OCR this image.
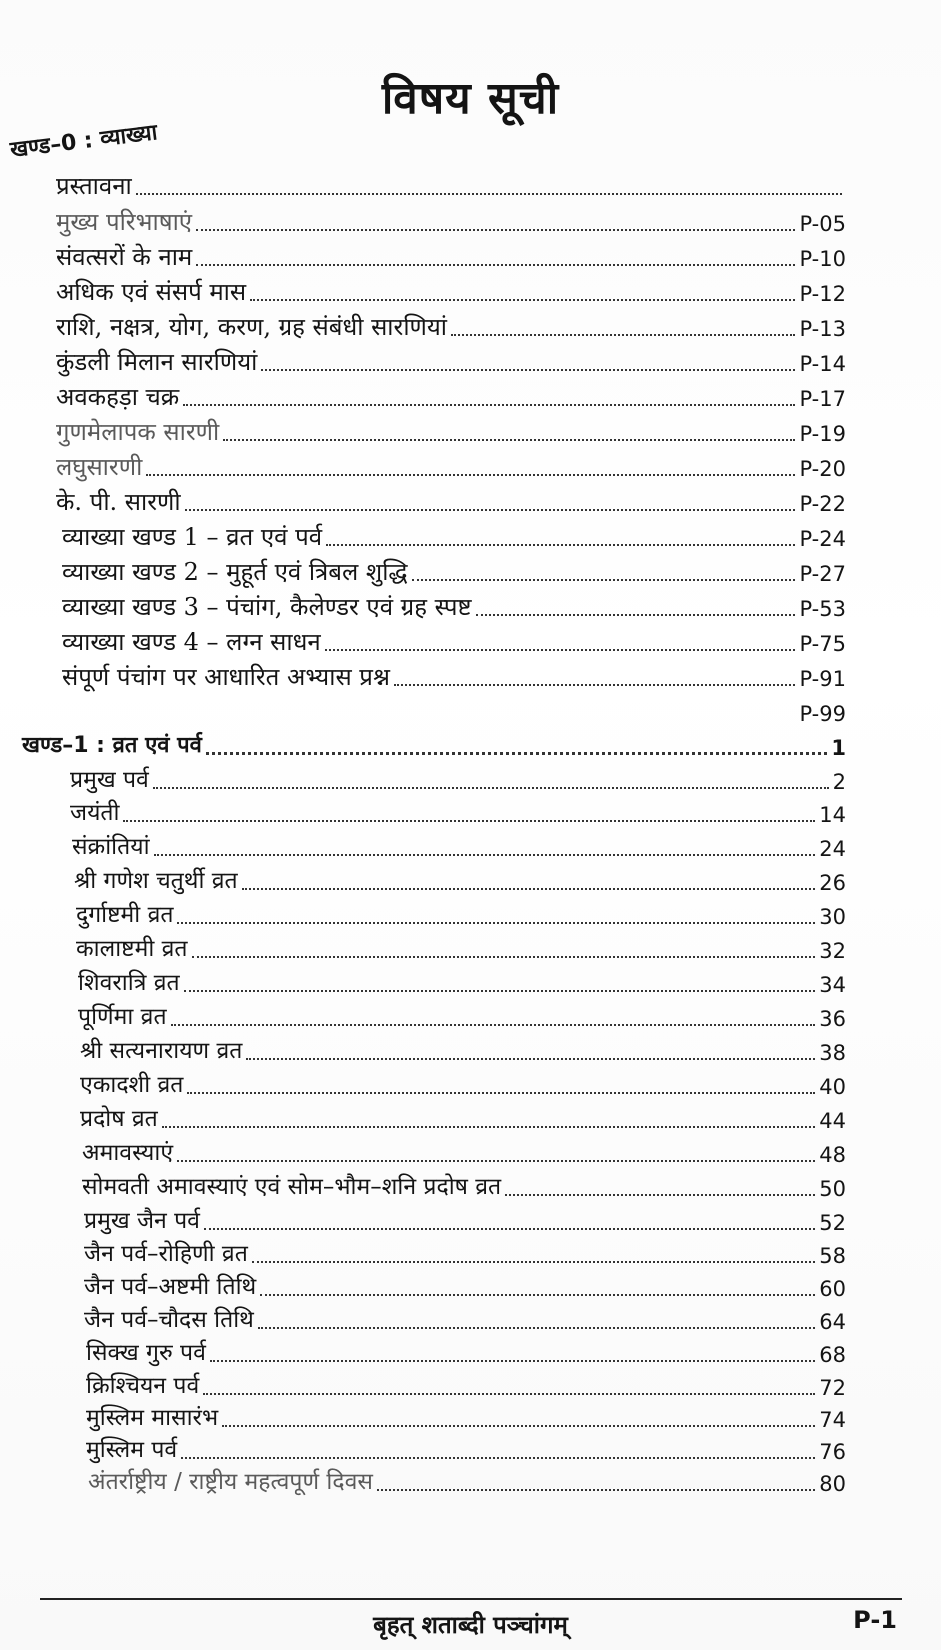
विषय सूची
खण्ड–0 : व्याख्या
प्रस्तावना
मुख्य परिभाषाएं	P-05
संवत्सरों के नाम	P-10
अधिक एवं संसर्प मास	P-12
राशि, नक्षत्र, योग, करण, ग्रह संबंधी सारणियां	P-13
कुंडली मिलान सारणियां	P-14
अवकहड़ा चक्र	P-17
गुणमेलापक सारणी	P-19
लघुसारणी	P-20
के. पी. सारणी	P-22
व्याख्या खण्ड 1 – व्रत एवं पर्व	P-24
व्याख्या खण्ड 2 – मुहूर्त एवं त्रिबल शुद्धि	P-27
व्याख्या खण्ड 3 – पंचांग, कैलेण्डर एवं ग्रह स्पष्ट	P-53
व्याख्या खण्ड 4 – लग्न साधन	P-75
संपूर्ण पंचांग पर आधारित अभ्यास प्रश्न	P-91
P-99
खण्ड–1 : व्रत एवं पर्व	1
प्रमुख पर्व	2
जयंती	14
संक्रांतियां	24
श्री गणेश चतुर्थी व्रत	26
दुर्गाष्टमी व्रत	30
कालाष्टमी व्रत	32
शिवरात्रि व्रत	34
पूर्णिमा व्रत	36
श्री सत्यनारायण व्रत	38
एकादशी व्रत	40
प्रदोष व्रत	44
अमावस्याएं	48
सोमवती अमावस्याएं एवं सोम–भौम–शनि प्रदोष व्रत	50
प्रमुख जैन पर्व	52
जैन पर्व–रोहिणी व्रत	58
जैन पर्व–अष्टमी तिथि	60
जैन पर्व–चौदस तिथि	64
सिक्ख गुरु पर्व	68
क्रिश्चियन पर्व	72
मुस्लिम मासारंभ	74
मुस्लिम पर्व	76
अंतर्राष्ट्रीय / राष्ट्रीय महत्वपूर्ण दिवस	80
बृहत् शताब्दी पञ्चांगम्	P-1
